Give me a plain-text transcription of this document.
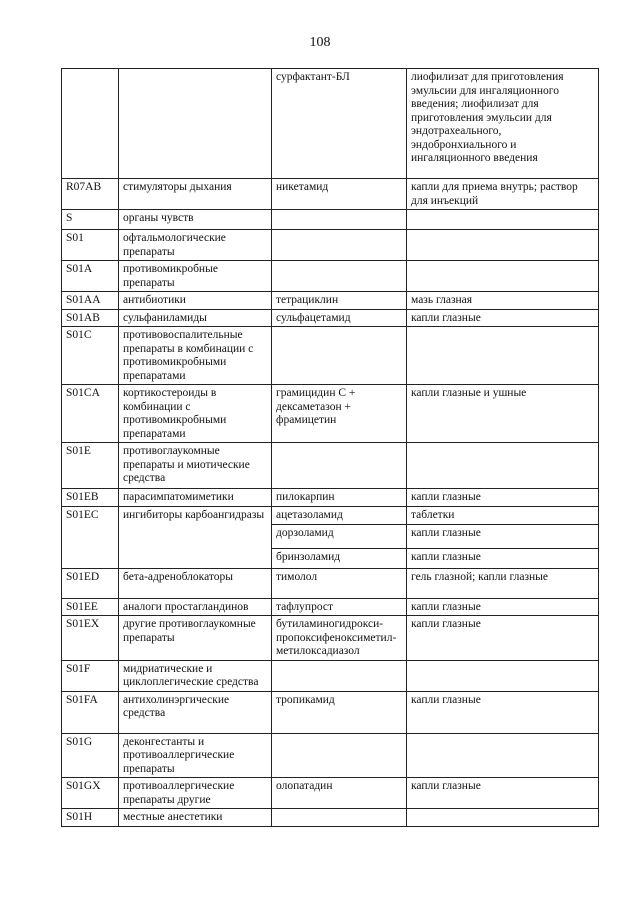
108
		сурфактант-БЛ	лиофилизат для приготовления эмульсии для ингаляционного введения; лиофилизат для приготовления эмульсии для эндотрахеального, эндобронхиального и ингаляционного введения
R07AB	стимуляторы дыхания	никетамид	капли для приема внутрь; раствор для инъекций
S	органы чувств		
S01	офтальмологические препараты		
S01A	противомикробные препараты		
S01AA	антибиотики	тетрациклин	мазь глазная
S01AB	сульфаниламиды	сульфацетамид	капли глазные
S01C	противовоспалительные препараты в комбинации с противомикробными препаратами		
S01CA	кортикостероиды в комбинации с противомикробными препаратами	грамицидин С + дексаметазон + фрамицетин	капли глазные и ушные
S01E	противоглаукомные препараты и миотические средства		
S01EB	парасимпатомиметики	пилокарпин	капли глазные
S01EC	ингибиторы карбоангидразы	ацетазоламид	таблетки
		дорзоламид	капли глазные
		бринзоламид	капли глазные
S01ED	бета-адреноблокаторы	тимолол	гель глазной; капли глазные
S01EE	аналоги простагландинов	тафлупрост	капли глазные
S01EX	другие противоглаукомные препараты	бутиламиногидрокси-пропоксифеноксиметил-метилоксадиазол	капли глазные
S01F	мидриатические и циклоплегические средства		
S01FA	антихолинэргические средства	тропикамид	капли глазные
S01G	деконгестанты и противоаллергические препараты		
S01GX	противоаллергические препараты другие	олопатадин	капли глазные
S01H	местные анестетики		
